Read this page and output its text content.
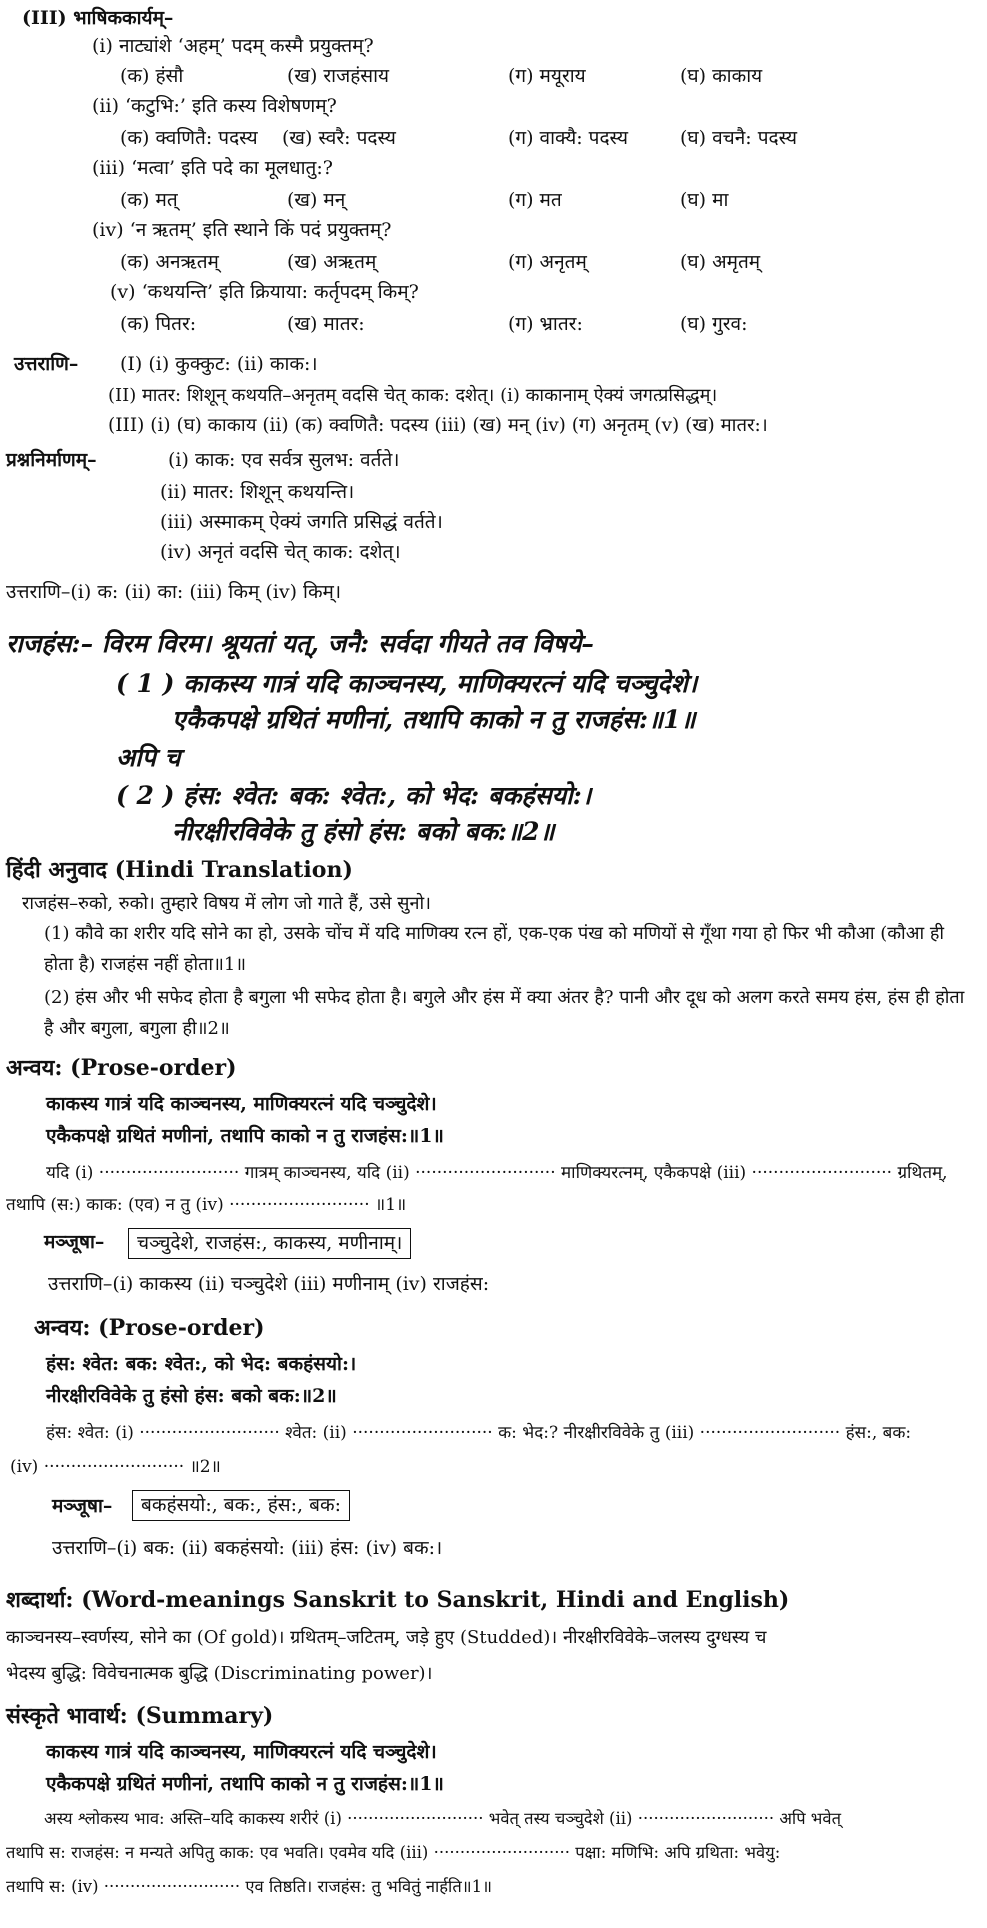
(III) भाषिककार्यम्–
(i) नाट्यांशे ‘अहम्’ पदम् कस्मै प्रयुक्तम्?
(क) हंसौ	(ख) राजहंसाय	(ग) मयूराय	(घ) काकाय
(ii) ‘कटुभि:’ इति कस्य विशेषणम्?
(क) क्वणितै: पदस्य (ख) स्वरै: पदस्य	(ग) वाक्यै: पदस्य	(घ) वचनै: पदस्य
(iii) ‘मत्वा’ इति पदे का मूलधातु:?
(क) मत्	(ख) मन्	(ग) मत	(घ) मा
(iv) ‘न ऋतम्’ इति स्थाने किं पदं प्रयुक्तम्?
(क) अनऋतम्	(ख) अऋतम्	(ग) अनृतम्	(घ) अमृतम्
(v) ‘कथयन्ति’ इति क्रियाया: कर्तृपदम् किम्?
(क) पितर:	(ख) मातर:	(ग) भ्रातर:	(घ) गुरव:
उत्तराणि– (I) (i) कुक्कुट: (ii) काक:।
(II) मातर: शिशून् कथयति–अनृतम् वदसि चेत् काक: दशेत्। (i) काकानाम् ऐक्यं जगत्प्रसिद्धम्।
(III) (i) (घ) काकाय (ii) (क) क्वणितै: पदस्य (iii) (ख) मन् (iv) (ग) अनृतम् (v) (ख) मातर:।
प्रश्ननिर्माणम्–	(i) काक: एव सर्वत्र सुलभ: वर्तते।
(ii) मातर: शिशून् कथयन्ति।
(iii) अस्माकम् ऐक्यं जगति प्रसिद्धं वर्तते।
(iv) अनृतं वदसि चेत् काक: दशेत्।
उत्तराणि–(i) क: (ii) का: (iii) किम् (iv) किम्।
राजहंस:– विरम विरम। श्रूयतां यत्, जनै: सर्वदा गीयते तव विषये–
( 1 ) काकस्य गात्रं यदि काञ्चनस्य, माणिक्यरत्नं यदि चञ्चुदेशे।
एकैकपक्षे ग्रथितं मणीनां, तथापि काको न तु राजहंस:॥1॥
अपि च
( 2 ) हंस: श्वेत: बक: श्वेत:, को भेद: बकहंसयो:।
नीरक्षीरविवेके तु हंसो हंस: बको बक:॥2॥
हिंदी अनुवाद (Hindi Translation)
राजहंस–रुको, रुको। तुम्हारे विषय में लोग जो गाते हैं, उसे सुनो।
(1) कौवे का शरीर यदि सोने का हो, उसके चोंच में यदि माणिक्य रत्न हों, एक-एक पंख को मणियों से गूँथा गया हो फिर भी कौआ (कौआ ही होता है) राजहंस नहीं होता॥1॥
(2) हंस और भी सफेद होता है बगुला भी सफेद होता है। बगुले और हंस में क्या अंतर है? पानी और दूध को अलग करते समय हंस, हंस ही होता है और बगुला, बगुला ही॥2॥
अन्वय: (Prose-order)
काकस्य गात्रं यदि काञ्चनस्य, माणिक्यरत्नं यदि चञ्चुदेशे।
एकैकपक्षे ग्रथितं मणीनां, तथापि काको न तु राजहंस:॥1॥
यदि (i) ·························· गात्रम् काञ्चनस्य, यदि (ii) ·························· माणिक्यरत्नम्, एकैकपक्षे (iii) ·························· ग्रथितम्,
तथापि (स:) काक: (एव) न तु (iv) ·························· ॥1॥
मञ्जूषा–	चञ्चुदेशे, राजहंस:, काकस्य, मणीनाम्।
उत्तराणि–(i) काकस्य (ii) चञ्चुदेशे (iii) मणीनाम् (iv) राजहंस:
अन्वय: (Prose-order)
हंस: श्वेत: बक: श्वेत:, को भेद: बकहंसयो:।
नीरक्षीरविवेके तु हंसो हंस: बको बक:॥2॥
हंस: श्वेत: (i) ·························· श्वेत: (ii) ·························· क: भेद:? नीरक्षीरविवेके तु (iii) ·························· हंस:, बक:
(iv) ·························· ॥2॥
मञ्जूषा–	बकहंसयो:, बक:, हंस:, बक:
उत्तराणि–(i) बक: (ii) बकहंसयो: (iii) हंस: (iv) बक:।
शब्दार्था: (Word-meanings Sanskrit to Sanskrit, Hindi and English)
काञ्चनस्य–स्वर्णस्य, सोने का (Of gold)। ग्रथितम्–जटितम्, जड़े हुए (Studded)। नीरक्षीरविवेके–जलस्य दुग्धस्य च
भेदस्य बुद्धि: विवेचनात्मक बुद्धि (Discriminating power)।
संस्कृते भावार्थ: (Summary)
काकस्य गात्रं यदि काञ्चनस्य, माणिक्यरत्नं यदि चञ्चुदेशे।
एकैकपक्षे ग्रथितं मणीनां, तथापि काको न तु राजहंस:॥1॥
अस्य श्लोकस्य भाव: अस्ति–यदि काकस्य शरीरं (i) ·························· भवेत् तस्य चञ्चुदेशे (ii) ·························· अपि भवेत्
तथापि स: राजहंस: न मन्यते अपितु काक: एव भवति। एवमेव यदि (iii) ·························· पक्षा: मणिभि: अपि ग्रथिता: भवेयु:
तथापि स: (iv) ·························· एव तिष्ठति। राजहंस: तु भवितुं नार्हति॥1॥
